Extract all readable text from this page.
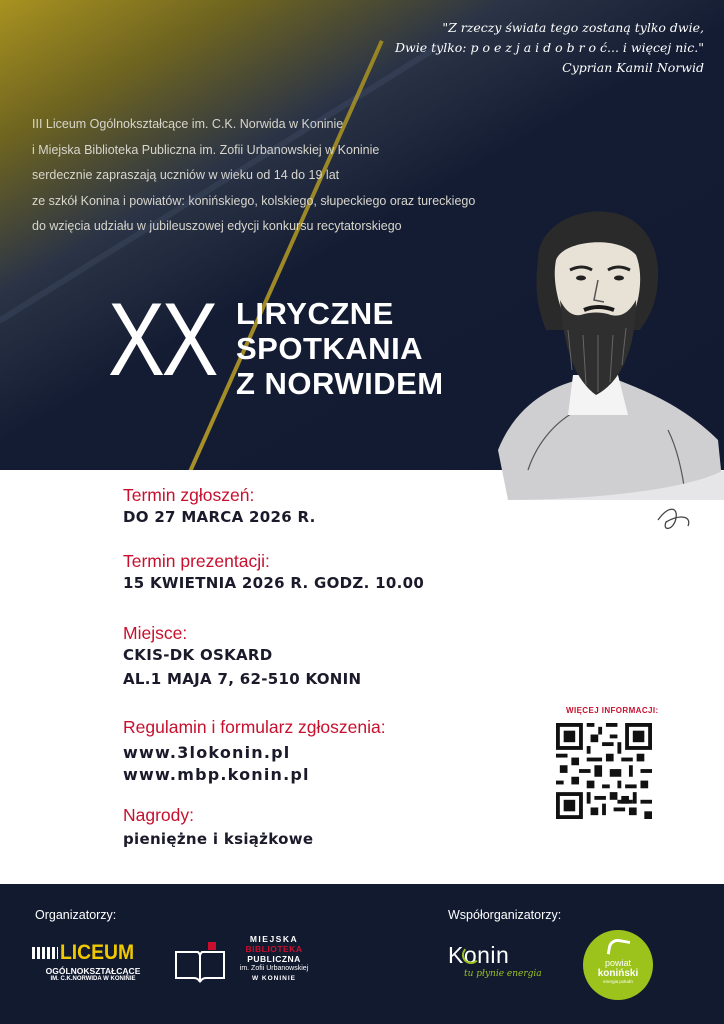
"Z rzeczy świata tego zostaną tylko dwie,
Dwie tylko: p o e z j a i d o b r o ć... i więcej nic."
Cyprian Kamil Norwid
III Liceum Ogólnokształcące im. C.K. Norwida w Koninie
i Miejska Biblioteka Publiczna im. Zofii Urbanowskiej w Koninie
serdecznie zapraszają uczniów w wieku od 14 do 19 lat
ze szkół Konina i powiatów: konińskiego, kolskiego, słupeckiego oraz tureckiego
do wzięcia udziału w jubileuszowej edycji konkursu recytatorskiego
XX LIRYCZNE
SPOTKANIA
Z NORWIDEM
Termin zgłoszeń:
DO 27 MARCA 2026 R.
Termin prezentacji:
15 KWIETNIA 2026 R. GODZ. 10.00
Miejsce:
CKIS-DK OSKARD
AL.1 MAJA 7, 62-510 KONIN
Regulamin i formularz zgłoszenia:
www.3lokonin.pl
www.mbp.konin.pl
Nagrody:
pieniężne i książkowe
WIĘCEJ INFORMACJI:
Organizatorzy:	Współorganizatorzy:
LICEUM
OGÓLNOKSZTAŁCĄCE
IM. C.K.NORWIDA W KONINIE
MIEJSKA
BIBLIOTEKA
PUBLICZNA
im. Zofii Urbanowskiej
W KONINIE
Konin
tu płynie energia
powiat
koniński
energia połudn
